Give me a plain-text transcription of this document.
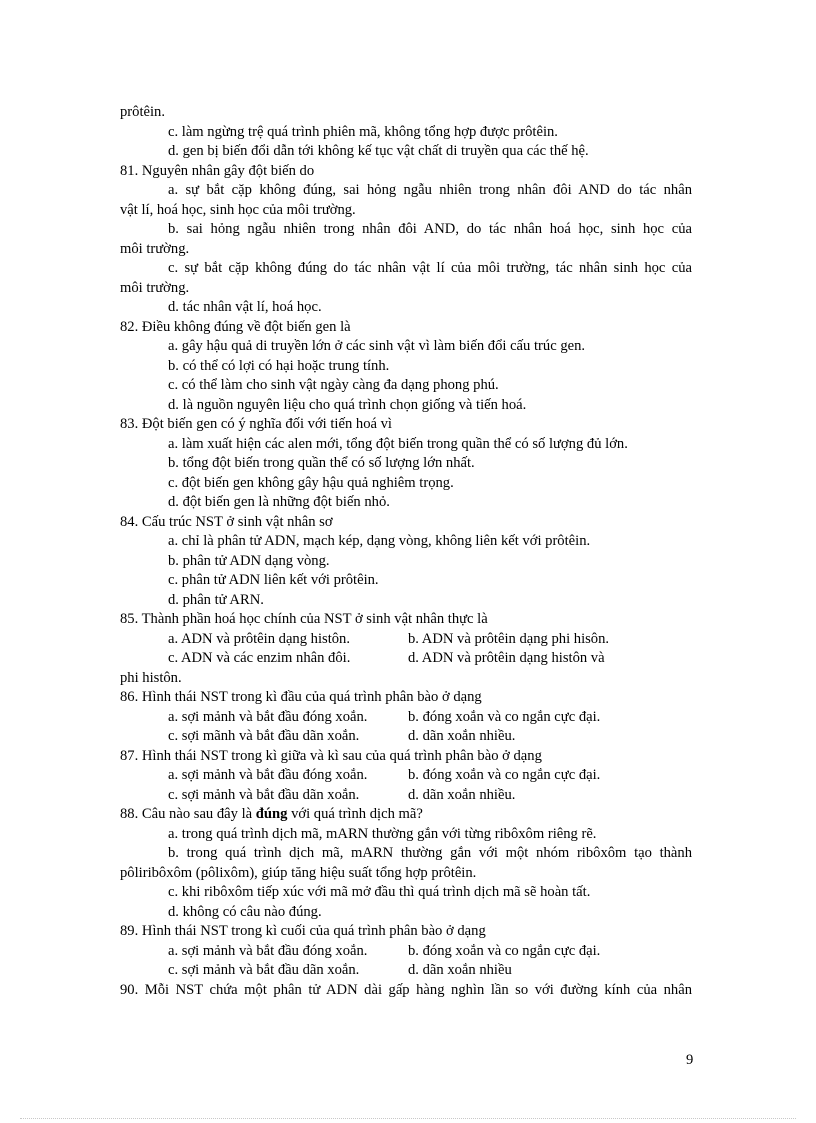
prôtêin.
c. làm ngừng trệ quá trình phiên mã, không tổng hợp được prôtêin.
d. gen bị biến đổi dẫn tới không kế tục vật chất di truyền qua các thế hệ.
81. Nguyên nhân gây đột biến do
a. sự bắt cặp không đúng, sai hỏng ngẫu nhiên trong nhân đôi AND do tác nhân
vật lí, hoá học, sinh học của môi trường.
b. sai hỏng ngẫu nhiên trong nhân đôi AND, do tác nhân hoá học, sinh học của
môi trường.
c. sự bắt cặp không đúng do tác nhân vật lí của môi trường, tác nhân sinh học của
môi trường.
d. tác nhân vật lí, hoá học.
82. Điều không đúng về đột biến gen là
a. gây hậu quả di truyền lớn ở các sinh vật vì làm biến đổi cấu trúc gen.
b. có thể có lợi có hại hoặc trung tính.
c. có thể làm cho sinh vật ngày càng đa dạng phong phú.
d. là nguồn nguyên liệu cho quá trình chọn giống và tiến hoá.
83. Đột biến gen có ý nghĩa đối với tiến hoá vì
a. làm xuất hiện các alen mới, tổng đột biến trong quần thể có số lượng đủ lớn.
b. tổng đột biến trong quần thể có số lượng lớn nhất.
c. đột biến gen không gây hậu quả nghiêm trọng.
d. đột biến gen là những đột biến nhỏ.
84. Cấu trúc NST ở sinh vật nhân sơ
a. chỉ là phân tử ADN, mạch kép, dạng vòng, không liên kết với prôtêin.
b. phân tử ADN dạng vòng.
c. phân tử ADN liên kết với prôtêin.
d. phân tử ARN.
85. Thành phần hoá học chính của NST ở sinh vật nhân thực là
a. ADN và prôtêin dạng histôn.	b. ADN và prôtêin dạng phi hisôn.
c. ADN và các enzim nhân đôi.	d. ADN và prôtêin dạng histôn và
phi histôn.
86. Hình thái NST trong kì đầu của quá trình phân bào ở dạng
a. sợi mảnh và bắt đầu đóng xoắn.	b. đóng xoắn và co ngắn cực đại.
c. sợi mãnh và bắt đầu dãn xoắn.	d. dãn xoắn nhiều.
87. Hình thái NST trong kì giữa và kì sau của quá trình phân bào ở dạng
a. sợi mảnh và bắt đầu đóng xoắn.	b. đóng xoắn và co ngắn cực đại.
c. sợi mảnh và bắt đầu dãn xoắn.	d. dãn xoắn nhiều.
88. Câu nào sau đây là đúng với quá trình dịch mã?
a. trong quá trình dịch mã, mARN thường gắn với từng ribôxôm riêng rẽ.
b. trong quá trình dịch mã, mARN thường gắn với một nhóm ribôxôm tạo thành
pôliribôxôm (pôlixôm), giúp tăng hiệu suất tổng hợp prôtêin.
c. khi ribôxôm tiếp xúc với mã mở đầu thì quá trình dịch mã sẽ hoàn tất.
d. không có câu nào đúng.
89. Hình thái NST trong kì cuối của quá trình phân bào ở dạng
a. sợi mảnh và bắt đầu đóng xoắn.	b. đóng xoắn và co ngắn cực đại.
c. sợi mảnh và bắt đầu dãn xoắn.	d. dãn xoắn nhiều
90. Mỗi NST chứa một phân tử ADN dài gấp hàng nghìn lần so với đường kính của nhân
9
